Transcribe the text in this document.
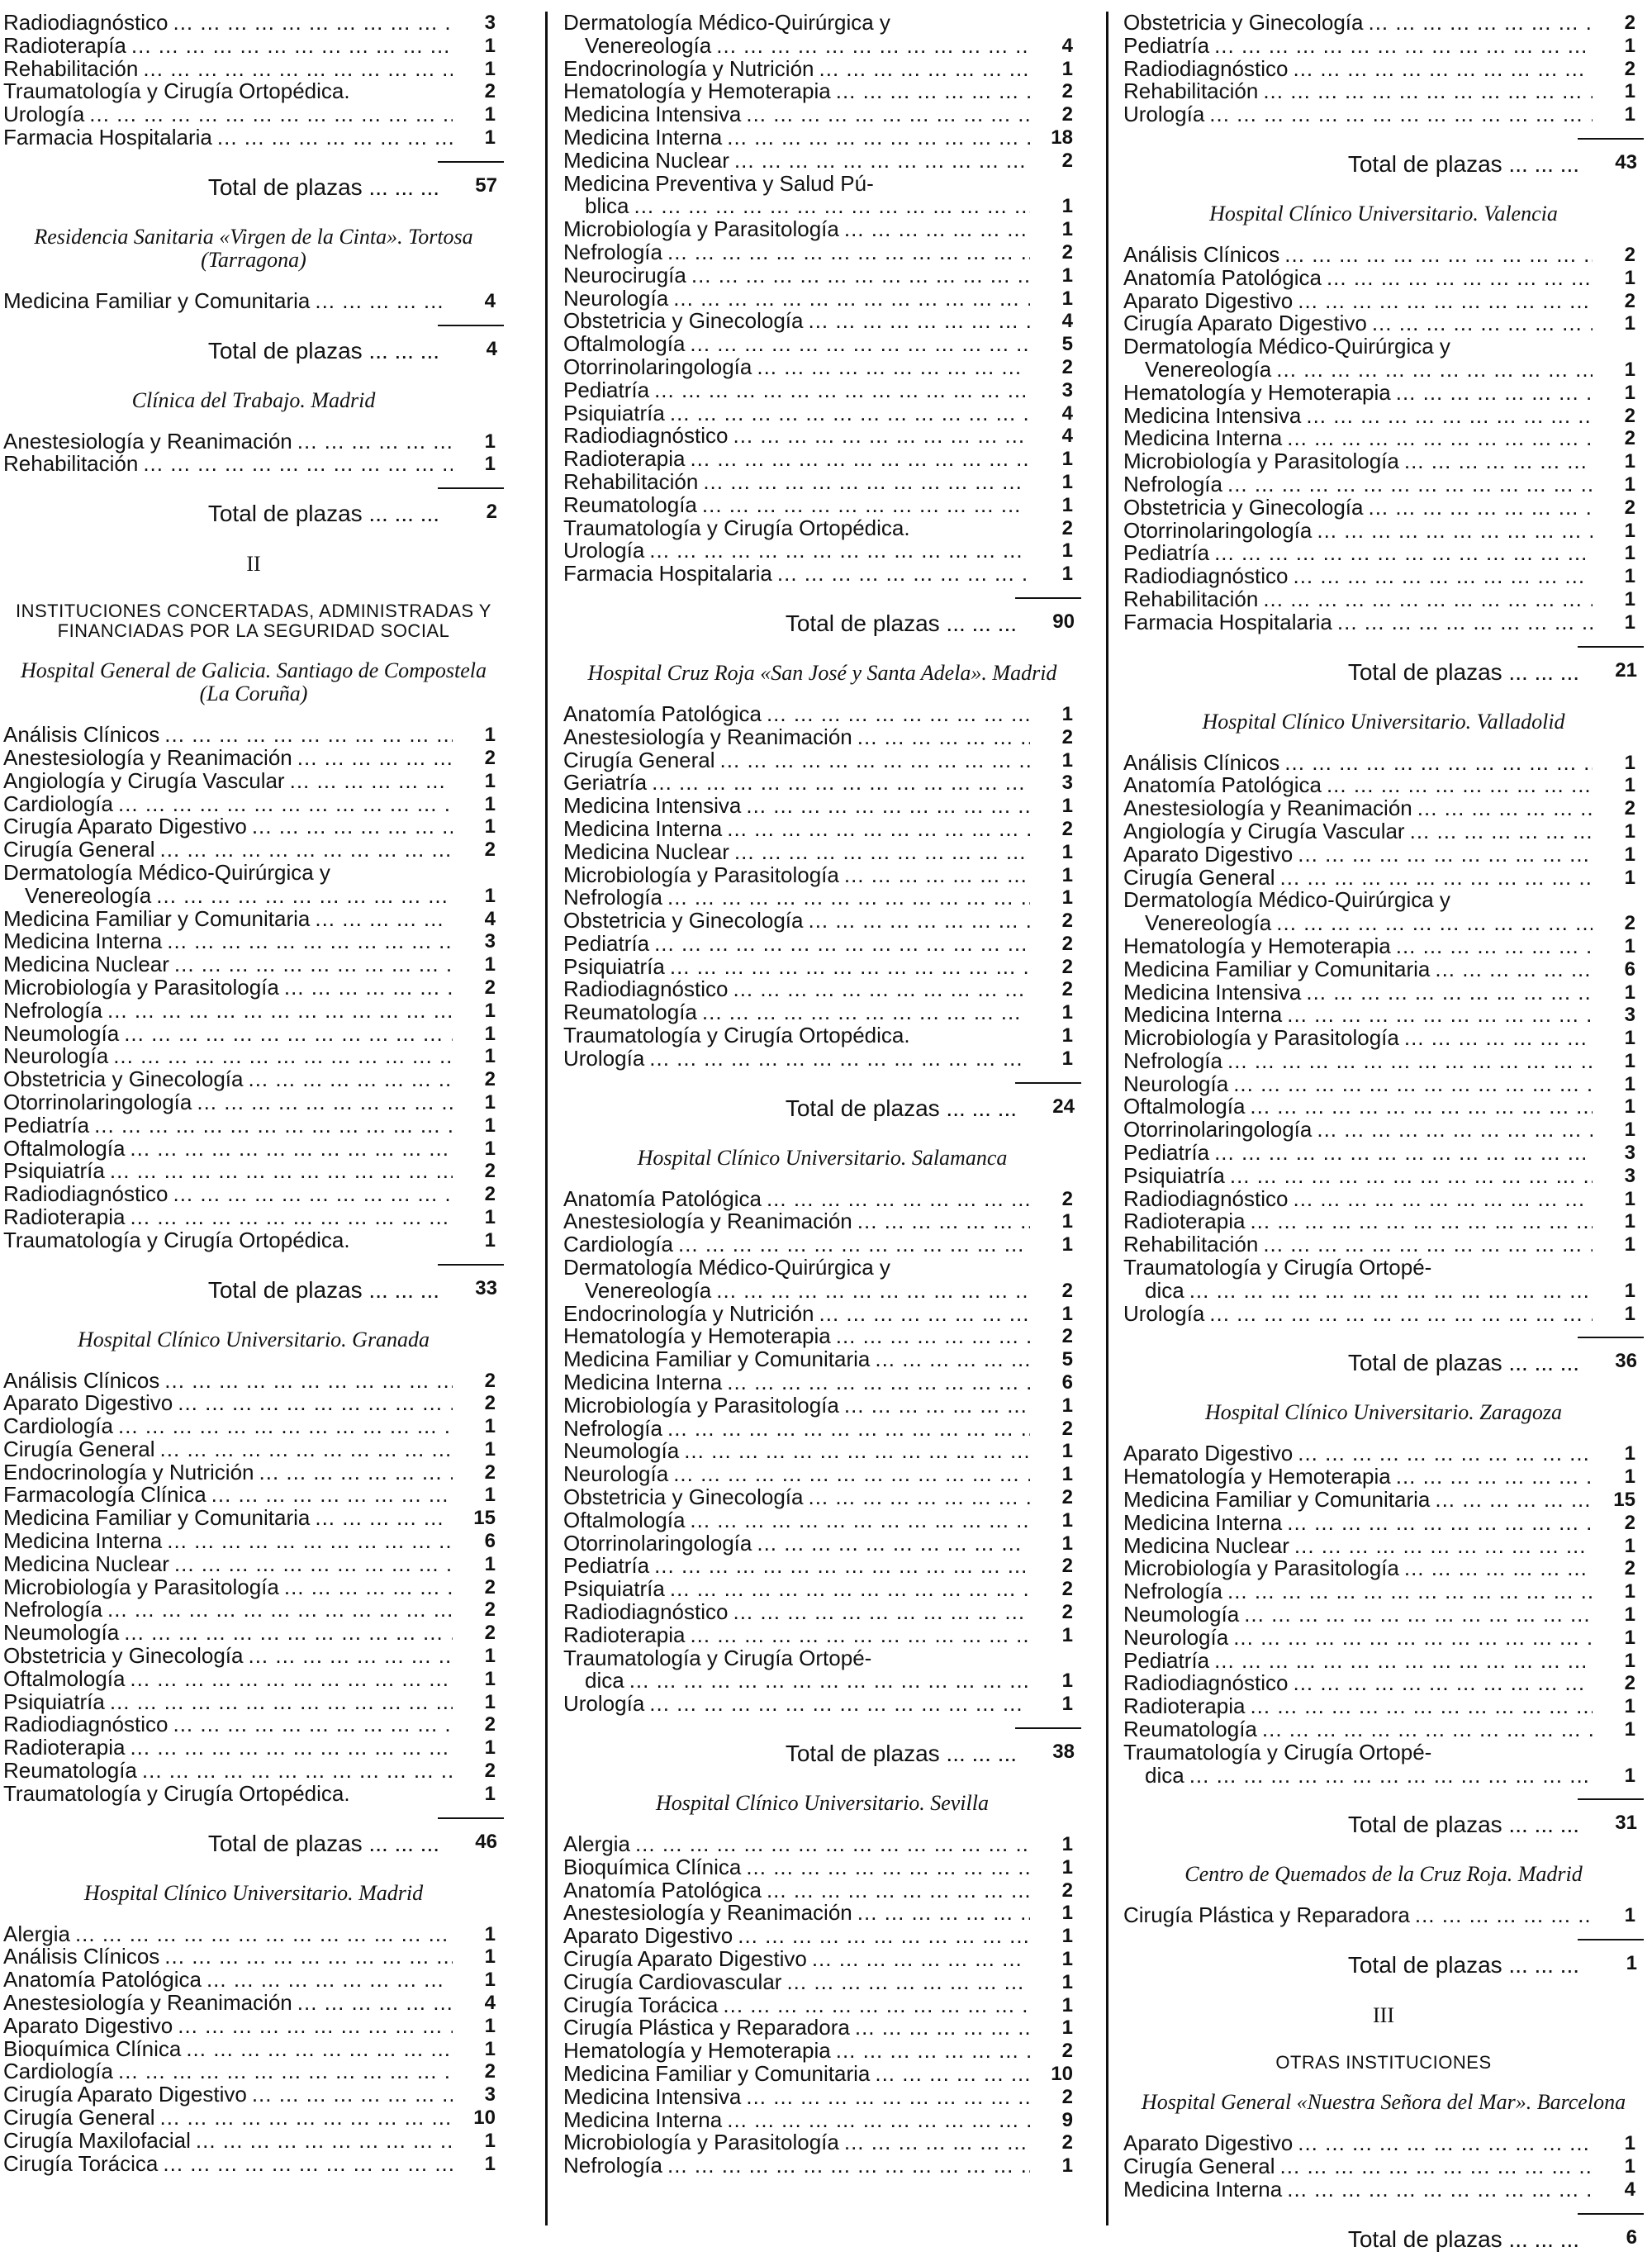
Radiodiagnóstico ... .	3
Radioterapía ... .	1
Rehabilitación ... .	1
Traumatología y Cirugía Ortopédica.	2
Urología ... .	1
Farmacia Hospitalaria ... .	1
Total de plazas ... ... ... 57
Residencia Sanitaria «Virgen de la Cinta». Tortosa (Tarragona)
Medicina Familiar y Comunitaria ... .	4
Total de plazas ... ... ... 4
Clínica del Trabajo. Madrid
Anestesiología y Reanimación ... .	1
Rehabilitación ... .	1
Total de plazas ... ... ... 2
II
INSTITUCIONES CONCERTADAS, ADMINISTRADAS Y FINANCIADAS POR LA SEGURIDAD SOCIAL
Hospital General de Galicia. Santiago de Compostela (La Coruña)
Análisis Clínicos ... .	1
Anestesiología y Reanimación ... .	2
Angiología y Cirugía Vascular ... .	1
Cardiología ... .	1
Cirugía Aparato Digestivo ... .	1
Cirugía General ... .	2
Dermatología Médico-Quirúrgica y
Venereología ... .	1
Medicina Familiar y Comunitaria ... .	4
Medicina Interna ... .	3
Medicina Nuclear ... .	1
Microbiología y Parasitología ... .	2
Nefrología ... .	1
Neumología ... .	1
Neurología ... .	1
Obstetricia y Ginecología ... .	2
Otorrinolaringología ... .	1
Pediatría ... .	1
Oftalmología ... .	1
Psiquiatría ... .	2
Radiodiagnóstico ... .	2
Radioterapia ... .	1
Traumatología y Cirugía Ortopédica.	1
Total de plazas ... ... ... 33
Hospital Clínico Universitario. Granada
Análisis Clínicos ... .	2
Aparato Digestivo ... .	2
Cardiología ... .	1
Cirugía General ... .	1
Endocrinología y Nutrición ... .	2
Farmacología Clínica ... .	1
Medicina Familiar y Comunitaria ... .	15
Medicina Interna ... .	6
Medicina Nuclear ... .	1
Microbiología y Parasitología ... .	2
Nefrología ... .	2
Neumología ... .	2
Obstetricia y Ginecología ... .	1
Oftalmología ... .	1
Psiquiatría ... .	1
Radiodiagnóstico ... .	2
Radioterapia ... .	1
Reumatología ... .	2
Traumatología y Cirugía Ortopédica.	1
Total de plazas ... ... ... 46
Hospital Clínico Universitario. Madrid
Alergia ... .	1
Análisis Clínicos ... .	1
Anatomía Patológica ... .	1
Anestesiología y Reanimación ... .	4
Aparato Digestivo ... .	1
Bioquímica Clínica ... .	1
Cardiología ... .	2
Cirugía Aparato Digestivo ... .	3
Cirugía General ... .	10
Cirugía Maxilofacial ... .	1
Cirugía Torácica ... .	1
Dermatología Médico-Quirúrgica y
Venereología ... .	4
Endocrinología y Nutrición ... .	1
Hematología y Hemoterapia ... .	2
Medicina Intensiva ... .	2
Medicina Interna ... .	18
Medicina Nuclear ... .	2
Medicina Preventiva y Salud Pú-
blica ... .	1
Microbiología y Parasitología ... .	1
Nefrología ... .	2
Neurocirugía ... .	1
Neurología ... .	1
Obstetricia y Ginecología ... .	4
Oftalmología ... .	5
Otorrinolaringología ... .	2
Pediatría ... .	3
Psiquiatría ... .	4
Radiodiagnóstico ... .	4
Radioterapia ... .	1
Rehabilitación ... .	1
Reumatología ... .	1
Traumatología y Cirugía Ortopédica.	2
Urología ... .	1
Farmacia Hospitalaria ... .	1
Total de plazas ... ... ... 90
Hospital Cruz Roja «San José y Santa Adela». Madrid
Anatomía Patológica ... .	1
Anestesiología y Reanimación ... .	2
Cirugía General ... .	1
Geriatría ... .	3
Medicina Intensiva ... .	1
Medicina Interna ... .	2
Medicina Nuclear ... .	1
Microbiología y Parasitología ... .	1
Nefrología ... .	1
Obstetricia y Ginecología ... .	2
Pediatría ... .	2
Psiquiatría ... .	2
Radiodiagnóstico ... .	2
Reumatología ... .	1
Traumatología y Cirugía Ortopédica.	1
Urología ... .	1
Total de plazas ... ... ... 24
Hospital Clínico Universitario. Salamanca
Anatomía Patológica ... .	2
Anestesiología y Reanimación ... .	1
Cardiología ... .	1
Dermatología Médico-Quirúrgica y
Venereología ... .	2
Endocrinología y Nutrición ... .	1
Hematología y Hemoterapia ... .	2
Medicina Familiar y Comunitaria ... .	5
Medicina Interna ... .	6
Microbiología y Parasitología ... .	1
Nefrología ... .	2
Neumología ... .	1
Neurología ... .	1
Obstetricia y Ginecología ... .	2
Oftalmología ... .	1
Otorrinolaringología ... .	1
Pediatría ... .	2
Psiquiatría ... .	2
Radiodiagnóstico ... .	2
Radioterapia ... .	1
Traumatología y Cirugía Ortopé-
dica ... .	1
Urología ... .	1
Total de plazas ... ... ... 38
Hospital Clínico Universitario. Sevilla
Alergia ... .	1
Bioquímica Clínica ... .	1
Anatomía Patológica ... .	2
Anestesiología y Reanimación ... .	1
Aparato Digestivo ... .	1
Cirugía Aparato Digestivo ... .	1
Cirugía Cardiovascular ... .	1
Cirugía Torácica ... .	1
Cirugía Plástica y Reparadora ... .	1
Hematología y Hemoterapia ... .	2
Medicina Familiar y Comunitaria ... .	10
Medicina Intensiva ... .	2
Medicina Interna ... .	9
Microbiología y Parasitología ... .	2
Nefrología ... .	1
Obstetricia y Ginecología ... .	2
Pediatría ... .	1
Radiodiagnóstico ... .	2
Rehabilitación ... .	1
Urología ... .	1
Total de plazas ... ... ... 43
Hospital Clínico Universitario. Valencia
Análisis Clínicos ... .	2
Anatomía Patológica ... .	1
Aparato Digestivo ... .	2
Cirugía Aparato Digestivo ... .	1
Dermatología Médico-Quirúrgica y
Venereología ... .	1
Hematología y Hemoterapia ... .	1
Medicina Intensiva ... .	2
Medicina Interna ... .	2
Microbiología y Parasitología ... .	1
Nefrología ... .	1
Obstetricia y Ginecología ... .	2
Otorrinolaringología ... .	1
Pediatría ... .	1
Radiodiagnóstico ... .	1
Rehabilitación ... .	1
Farmacia Hospitalaria ... .	1
Total de plazas ... ... ... 21
Hospital Clínico Universitario. Valladolid
Análisis Clínicos ... .	1
Anatomía Patológica ... .	1
Anestesiología y Reanimación ... .	2
Angiología y Cirugía Vascular ... .	1
Aparato Digestivo ... .	1
Cirugía General ... .	1
Dermatología Médico-Quirúrgica y
Venereología ... .	2
Hematología y Hemoterapia ... .	1
Medicina Familiar y Comunitaria ... .	6
Medicina Intensiva ... .	1
Medicina Interna ... .	3
Microbiología y Parasitología ... .	1
Nefrología ... .	1
Neurología ... .	1
Oftalmología ... .	1
Otorrinolaringología ... .	1
Pediatría ... .	3
Psiquiatría ... .	3
Radiodiagnóstico ... .	1
Radioterapia ... .	1
Rehabilitación ... .	1
Traumatología y Cirugía Ortopé-
dica ... .	1
Urología ... .	1
Total de plazas ... ... ... 36
Hospital Clínico Universitario. Zaragoza
Aparato Digestivo ... .	1
Hematología y Hemoterapia ... .	1
Medicina Familiar y Comunitaria ... .	15
Medicina Interna ... .	2
Medicina Nuclear ... .	1
Microbiología y Parasitología ... .	2
Nefrología ... .	1
Neumología ... .	1
Neurología ... .	1
Pediatría ... .	1
Radiodiagnóstico ... .	2
Radioterapia ... .	1
Reumatología ... .	1
Traumatología y Cirugía Ortopé-
dica ... .	1
Total de plazas ... ... ... 31
Centro de Quemados de la Cruz Roja. Madrid
Cirugía Plástica y Reparadora ... .	1
Total de plazas ... ... ... 1
III
OTRAS INSTITUCIONES
Hospital General «Nuestra Señora del Mar». Barcelona
Aparato Digestivo ... .	1
Cirugía General ... .	1
Medicina Interna ... .	4
Total de plazas ... ... ... 6
